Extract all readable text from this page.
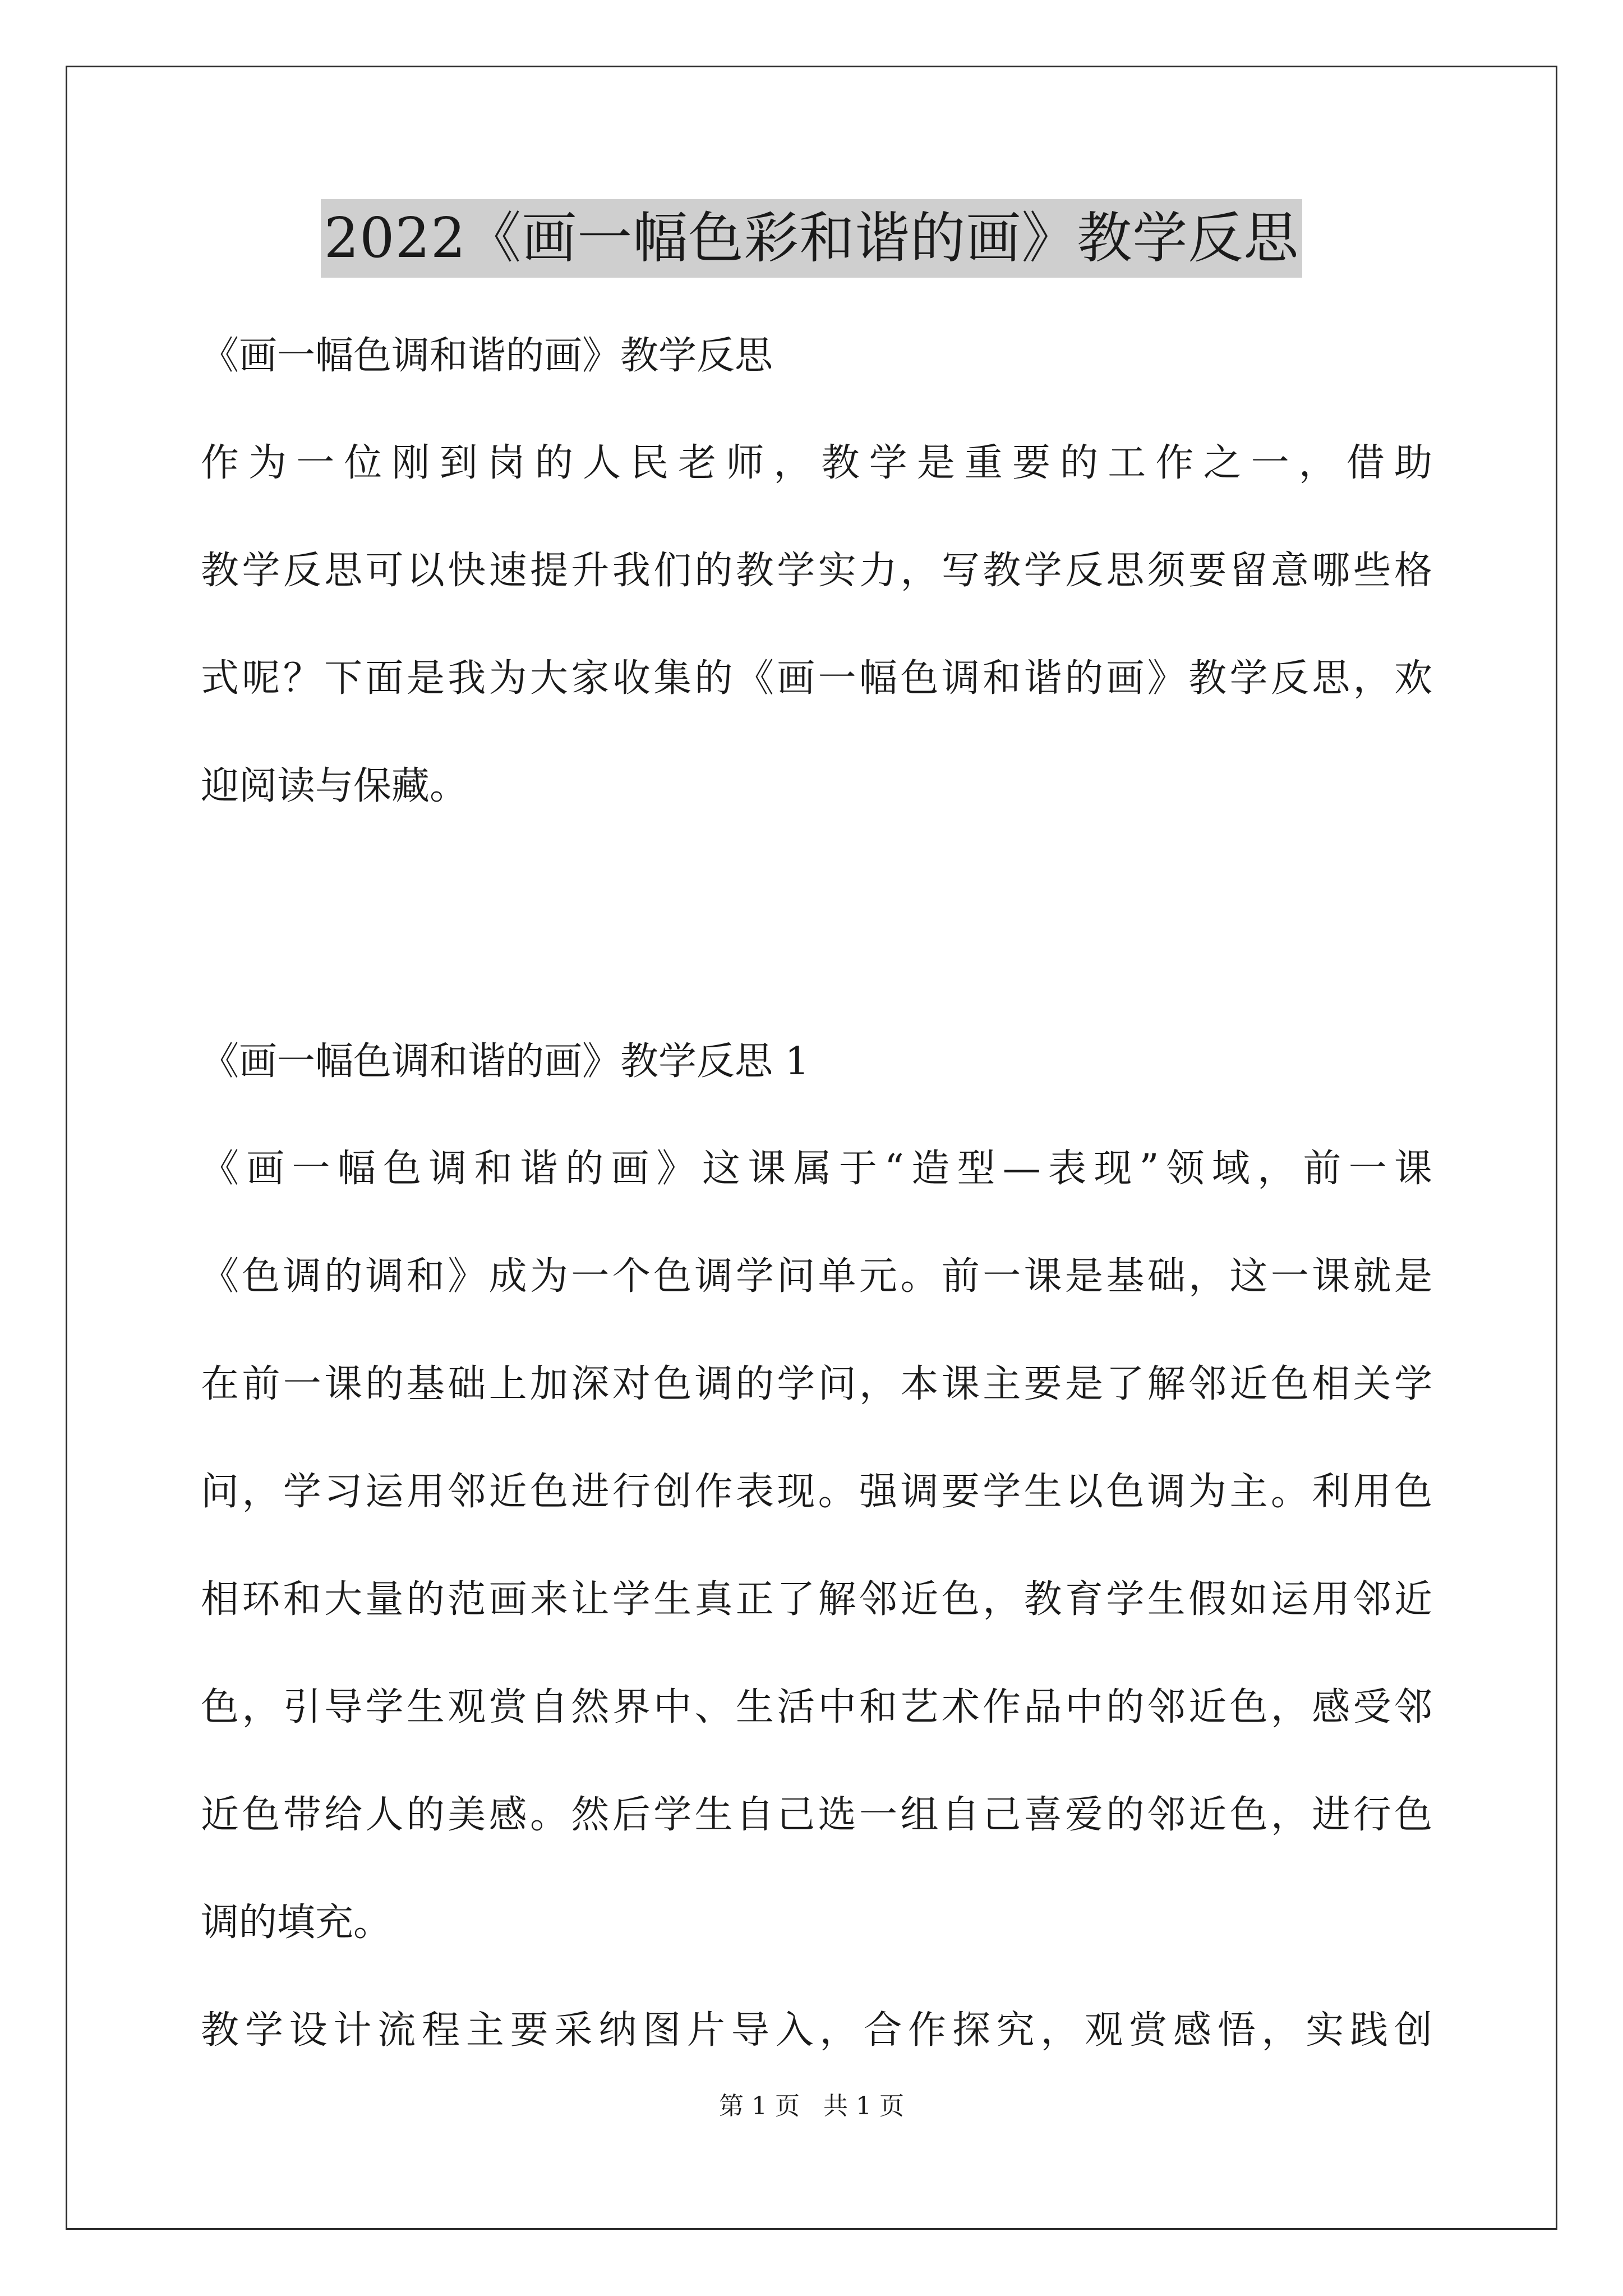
2022《画一幅色彩和谐的画》教学反思
《画一幅色调和谐的画》教学反思
作为一位刚到岗的人民老师，教学是重要的工作之一，借助
教学反思可以快速提升我们的教学实力，写教学反思须要留意哪些格
式呢？下面是我为大家收集的《画一幅色调和谐的画》教学反思，欢
迎阅读与保藏。
《画一幅色调和谐的画》教学反思 1
《画一幅色调和谐的画》这课属于“造型—表现”领域，前一课
《色调的调和》成为一个色调学问单元。前一课是基础，这一课就是
在前一课的基础上加深对色调的学问，本课主要是了解邻近色相关学
问，学习运用邻近色进行创作表现。强调要学生以色调为主。利用色
相环和大量的范画来让学生真正了解邻近色，教育学生假如运用邻近
色，引导学生观赏自然界中、生活中和艺术作品中的邻近色，感受邻
近色带给人的美感。然后学生自己选一组自己喜爱的邻近色，进行色
调的填充。
教学设计流程主要采纳图片导入，合作探究，观赏感悟，实践创
第 1 页   共 1 页
